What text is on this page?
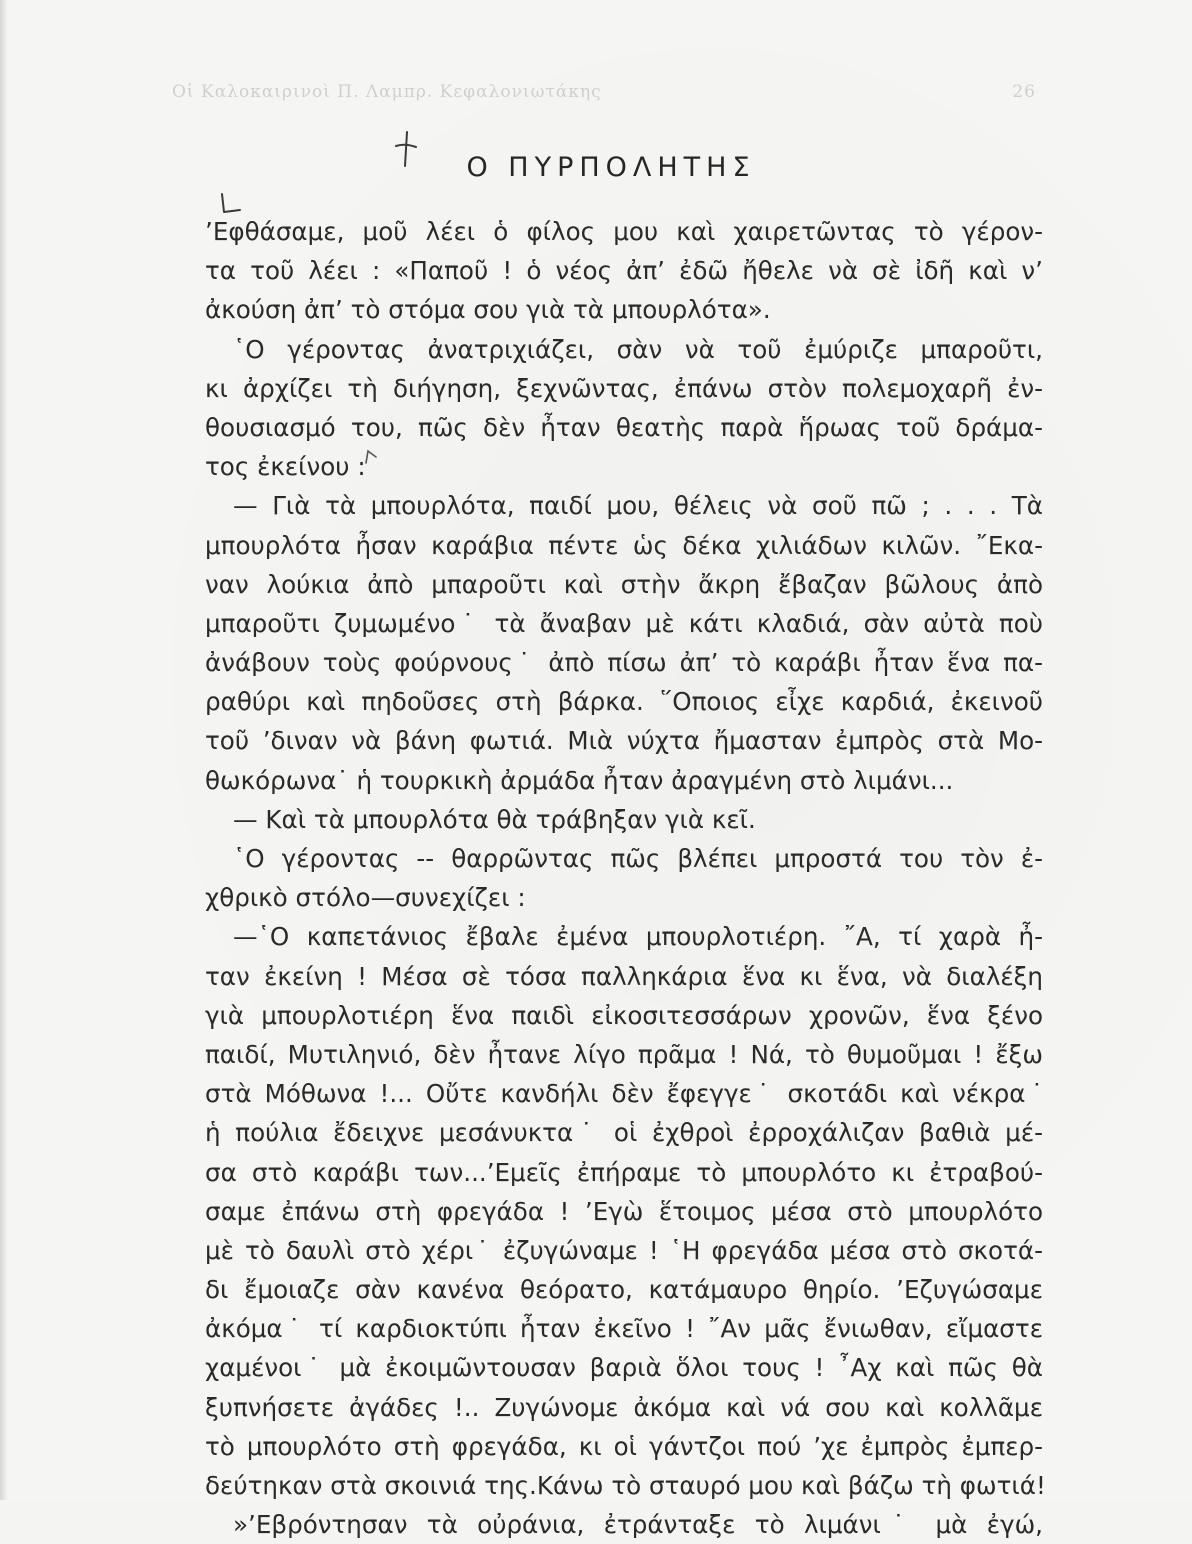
Οἱ Καλοκαιρινοὶ Π. Λαμπρ. Κεφαλονιωτάκης	26
Ο ΠΥΡΠΟΛΗΤΗΣ
’Εφθάσαμε, μοῦ λέει ὁ φίλος μου καὶ χαιρετῶντας τὸ γέρον-
τα τοῦ λέει : «Παποῦ ! ὁ νέος ἀπ’ ἐδῶ ἤθελε νὰ σὲ ἰδῆ καὶ ν’
ἀκούση ἀπ’ τὸ στόμα σου γιὰ τὰ μπουρλότα».
῾Ο γέροντας ἀνατριχιάζει, σὰν νὰ τοῦ ἐμύριζε μπαροῦτι,
κι ἀρχίζει τὴ διήγηση, ξεχνῶντας, ἐπάνω στὸν πολεμοχαρῆ ἐν-
θουσιασμό του, πῶς δὲν ἦταν θεατὴς παρὰ ἥρωας τοῦ δράμα-
τος ἐκείνου :
— Γιὰ τὰ μπουρλότα, παιδί μου, θέλεις νὰ σοῦ πῶ ; . . . Τὰ
μπουρλότα ἦσαν καράβια πέντε ὡς δέκα χιλιάδων κιλῶν. ῎Εκα-
ναν λούκια ἀπὸ μπαροῦτι καὶ στὴν ἄκρη ἔβαζαν βῶλους ἀπὸ
μπαροῦτι ζυμωμένο˙ τὰ ἄναβαν μὲ κάτι κλαδιά, σὰν αὐτὰ ποὺ
ἀνάβουν τοὺς φούρνους˙ ἀπὸ πίσω ἀπ’ τὸ καράβι ἦταν ἕνα πα-
ραθύρι καὶ πηδοῦσες στὴ βάρκα. ῞Οποιος εἶχε καρδιά, ἐκεινοῦ
τοῦ ’διναν νὰ βάνη φωτιά. Μιὰ νύχτα ἤμασταν ἐμπρὸς στὰ Μο-
θωκόρωνα˙ ἡ τουρκικὴ ἀρμάδα ἦταν ἀραγμένη στὸ λιμάνι...
— Καὶ τὰ μπουρλότα θὰ τράβηξαν γιὰ κεῖ.
῾Ο γέροντας -- θαρρῶντας πῶς βλέπει μπροστά του τὸν ἐ-
χθρικὸ στόλο—συνεχίζει :
—῾Ο καπετάνιος ἔβαλε ἐμένα μπουρλοτιέρη. ῎Α, τί χαρὰ ἦ-
ταν ἐκείνη ! Μέσα σὲ τόσα παλληκάρια ἕνα κι ἕνα, νὰ διαλέξη
γιὰ μπουρλοτιέρη ἕνα παιδὶ εἰκοσιτεσσάρων χρονῶν, ἕνα ξένο
παιδί, Μυτιληνιό, δὲν ἦτανε λίγο πρᾶμα ! Νά, τὸ θυμοῦμαι ! ἔξω
στὰ Μόθωνα !... Οὔτε κανδήλι δὲν ἔφεγγε˙ σκοτάδι καὶ νέκρα˙
ἡ πούλια ἔδειχνε μεσάνυκτα˙ οἱ ἐχθροὶ ἐρροχάλιζαν βαθιὰ μέ-
σα στὸ καράβι των...’Εμεῖς ἐπήραμε τὸ μπουρλότο κι ἐτραβού-
σαμε ἐπάνω στὴ φρεγάδα ! ’Εγὼ ἕτοιμος μέσα στὸ μπουρλότο
μὲ τὸ δαυλὶ στὸ χέρι˙ ἐζυγώναμε ! ῾Η φρεγάδα μέσα στὸ σκοτά-
δι ἔμοιαζε σὰν κανένα θεόρατο, κατάμαυρο θηρίο. ’Εζυγώσαμε
ἀκόμα˙ τί καρδιοκτύπι ἦταν ἐκεῖνο ! ῎Αν μᾶς ἔνιωθαν, εἴμαστε
χαμένοι˙ μὰ ἐκοιμῶντουσαν βαριὰ ὅλοι τους ! ῏Αχ καὶ πῶς θὰ
ξυπνήσετε ἀγάδες !.. Ζυγώνομε ἀκόμα καὶ νά σου καὶ κολλᾶμε
τὸ μπουρλότο στὴ φρεγάδα, κι οἱ γάντζοι πού ’χε ἐμπρὸς ἐμπερ-
δεύτηκαν στὰ σκοινιά της.Κάνω τὸ σταυρό μου καὶ βάζω τὴ φωτιά!
»’Εβρόντησαν τὰ οὐράνια, ἐτράνταξε τὸ λιμάνι˙ μὰ ἐγώ,
